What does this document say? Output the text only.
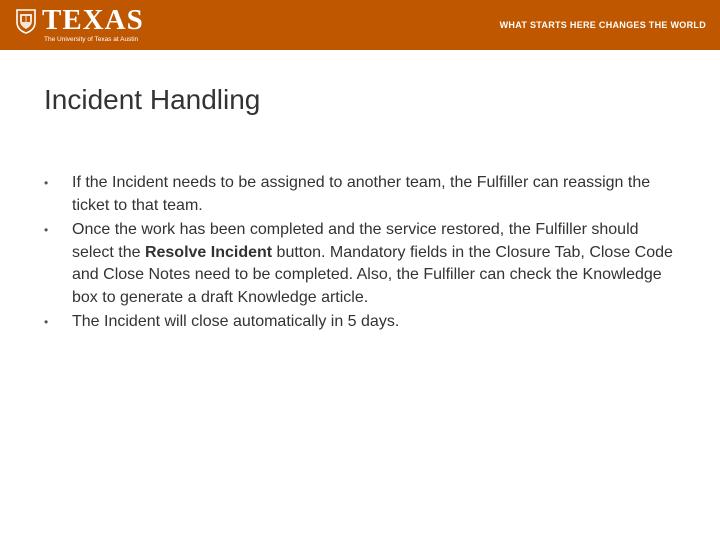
TEXAS
The University of Texas at Austin
WHAT STARTS HERE CHANGES THE WORLD
Incident Handling
• If the Incident needs to be assigned to another team, the Fulfiller can reassign the ticket to that team.
• Once the work has been completed and the service restored, the Fulfiller should select the Resolve Incident button. Mandatory fields in the Closure Tab, Close Code and Close Notes need to be completed. Also, the Fulfiller can check the Knowledge box to generate a draft Knowledge article.
• The Incident will close automatically in 5 days.
